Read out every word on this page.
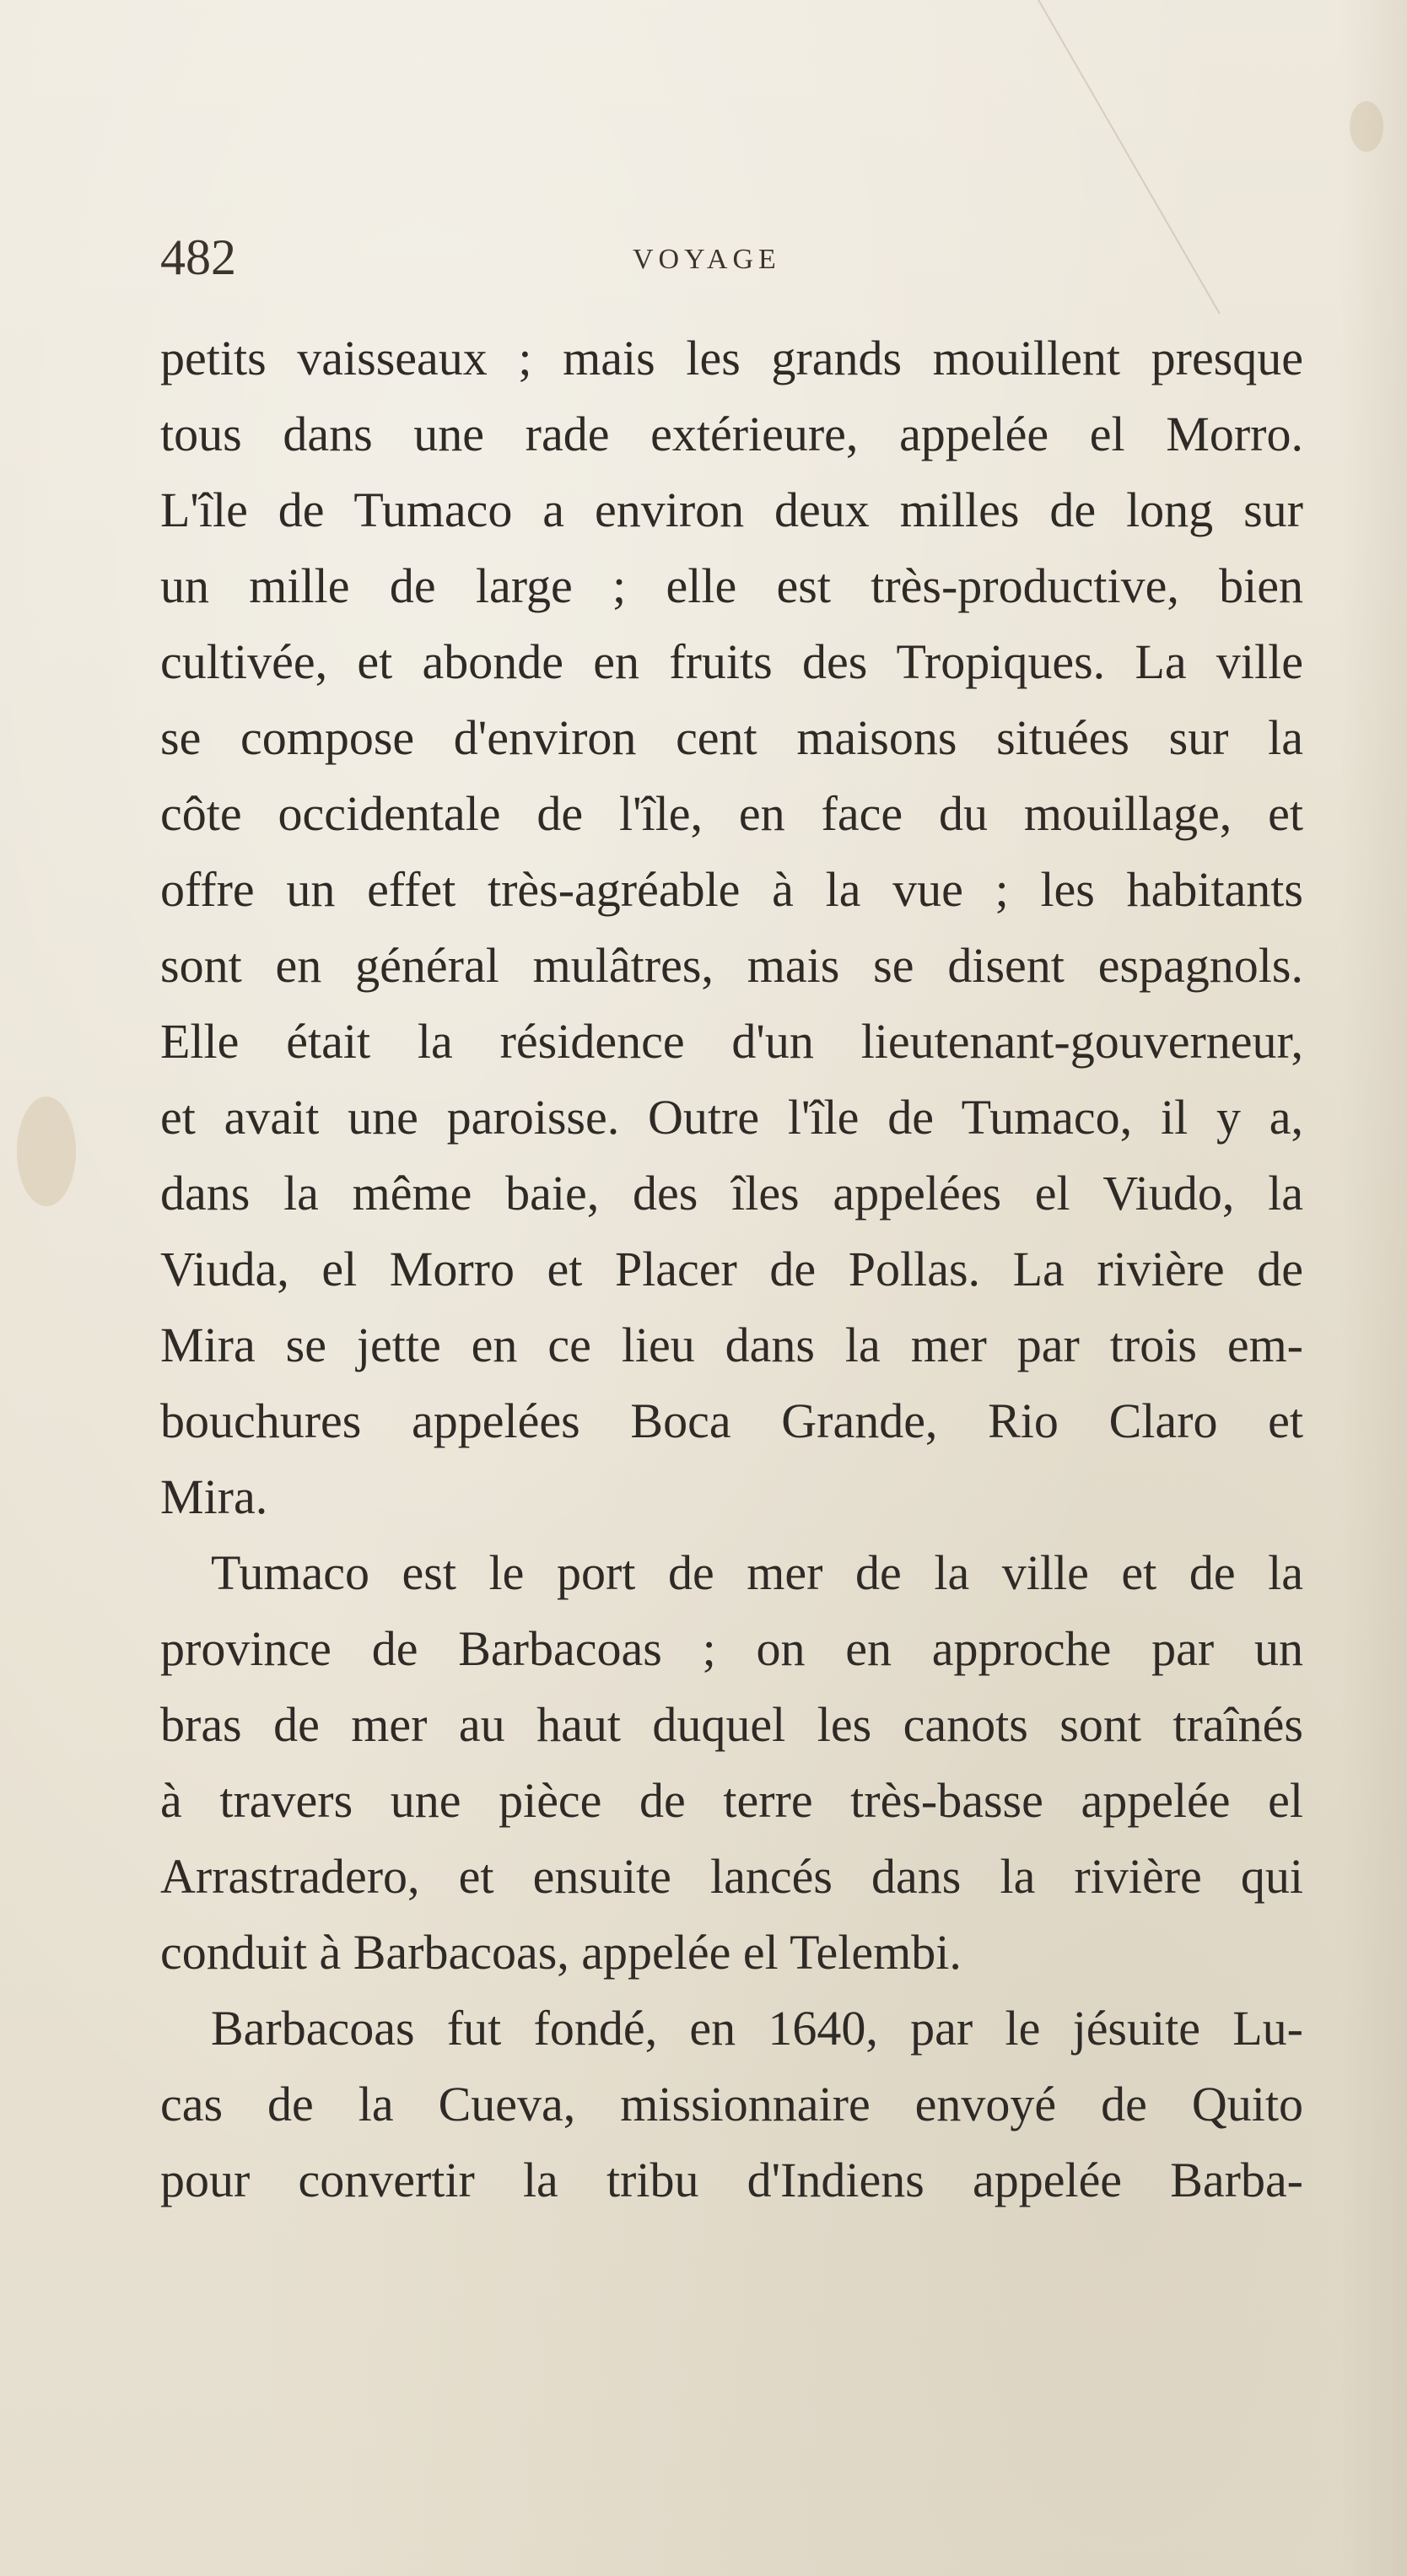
482	VOYAGE
petits vaisseaux ; mais les grands mouillent presque
tous dans une rade extérieure, appelée el Morro.
L'île de Tumaco a environ deux milles de long sur
un mille de large ; elle est très-productive, bien
cultivée, et abonde en fruits des Tropiques. La ville
se compose d'environ cent maisons situées sur la
côte occidentale de l'île, en face du mouillage, et
offre un effet très-agréable à la vue ; les habitants
sont en général mulâtres, mais se disent espagnols.
Elle était la résidence d'un lieutenant-gouverneur,
et avait une paroisse. Outre l'île de Tumaco, il y a,
dans la même baie, des îles appelées el Viudo, la
Viuda, el Morro et Placer de Pollas. La rivière de
Mira se jette en ce lieu dans la mer par trois em-
bouchures appelées Boca Grande, Rio Claro et
Mira.
Tumaco est le port de mer de la ville et de la
province de Barbacoas ; on en approche par un
bras de mer au haut duquel les canots sont traînés
à travers une pièce de terre très-basse appelée el
Arrastradero, et ensuite lancés dans la rivière qui
conduit à Barbacoas, appelée el Telembi.
Barbacoas fut fondé, en 1640, par le jésuite Lu-
cas de la Cueva, missionnaire envoyé de Quito
pour convertir la tribu d'Indiens appelée Barba-
